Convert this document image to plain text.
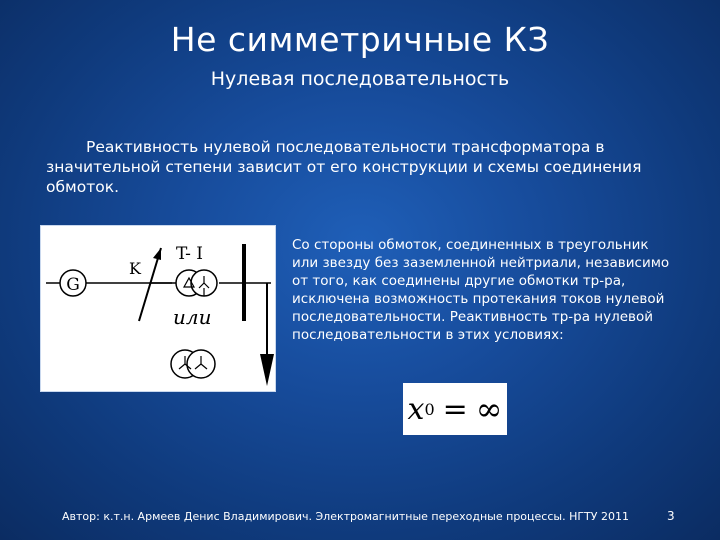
Не симметричные КЗ
Нулевая последовательность
Реактивность нулевой последовательности трансформатора в значительной степени зависит от его конструкции и схемы соединения обмоток.
G
K
T- I
или
Со стороны обмоток, соединенных в треугольник или звезду без заземленной нейтриали, независимо от того, как соединены другие обмотки тр-ра, исключена возможность протекания токов нулевой последовательности. Реактивность тр-ра нулевой последовательности в этих условиях:
x 0 = ∞
Автор: к.т.н. Армеев Денис Владимирович. Электромагнитные переходные процессы. НГТУ 2011	3
